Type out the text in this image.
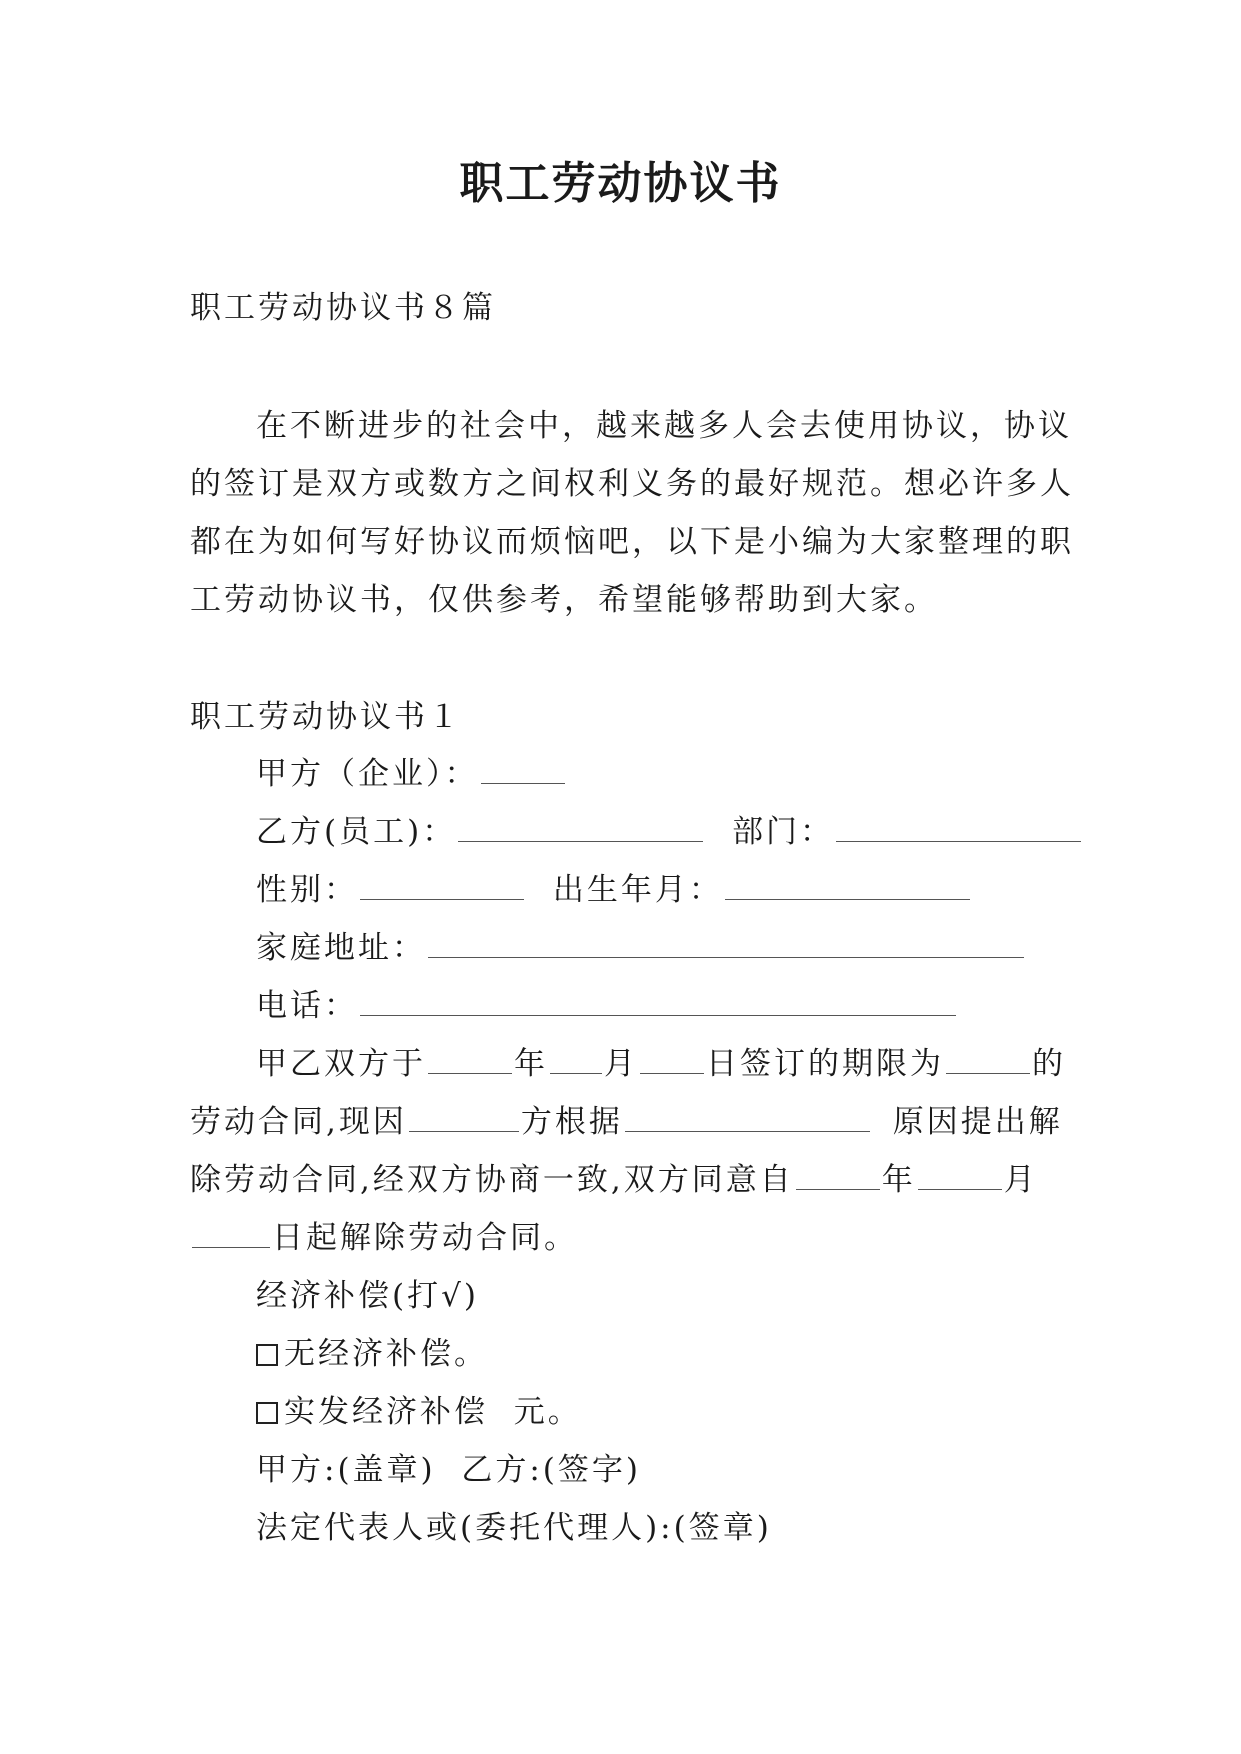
职工劳动协议书
职工劳动协议书８篇
在不断进步的社会中，越来越多人会去使用协议，协议
的签订是双方或数方之间权利义务的最好规范。想必许多人
都在为如何写好协议而烦恼吧，以下是小编为大家整理的职
工劳动协议书，仅供参考，希望能够帮助到大家。
职工劳动协议书１
甲方（企业）：
乙方(员工)：	部门：
性别：	出生年月：
家庭地址：
电话：
甲乙双方于	年 月 日签订的期限为	的
劳动合同,现因	方根据	原因提出解
除劳动合同,经双方协商一致,双方同意自	年	月
日起解除劳动合同。
经济补偿(打√)
无经济补偿。
实发经济补偿  元。
甲方:(盖章)  乙方:(签字)
法定代表人或(委托代理人):(签章)
